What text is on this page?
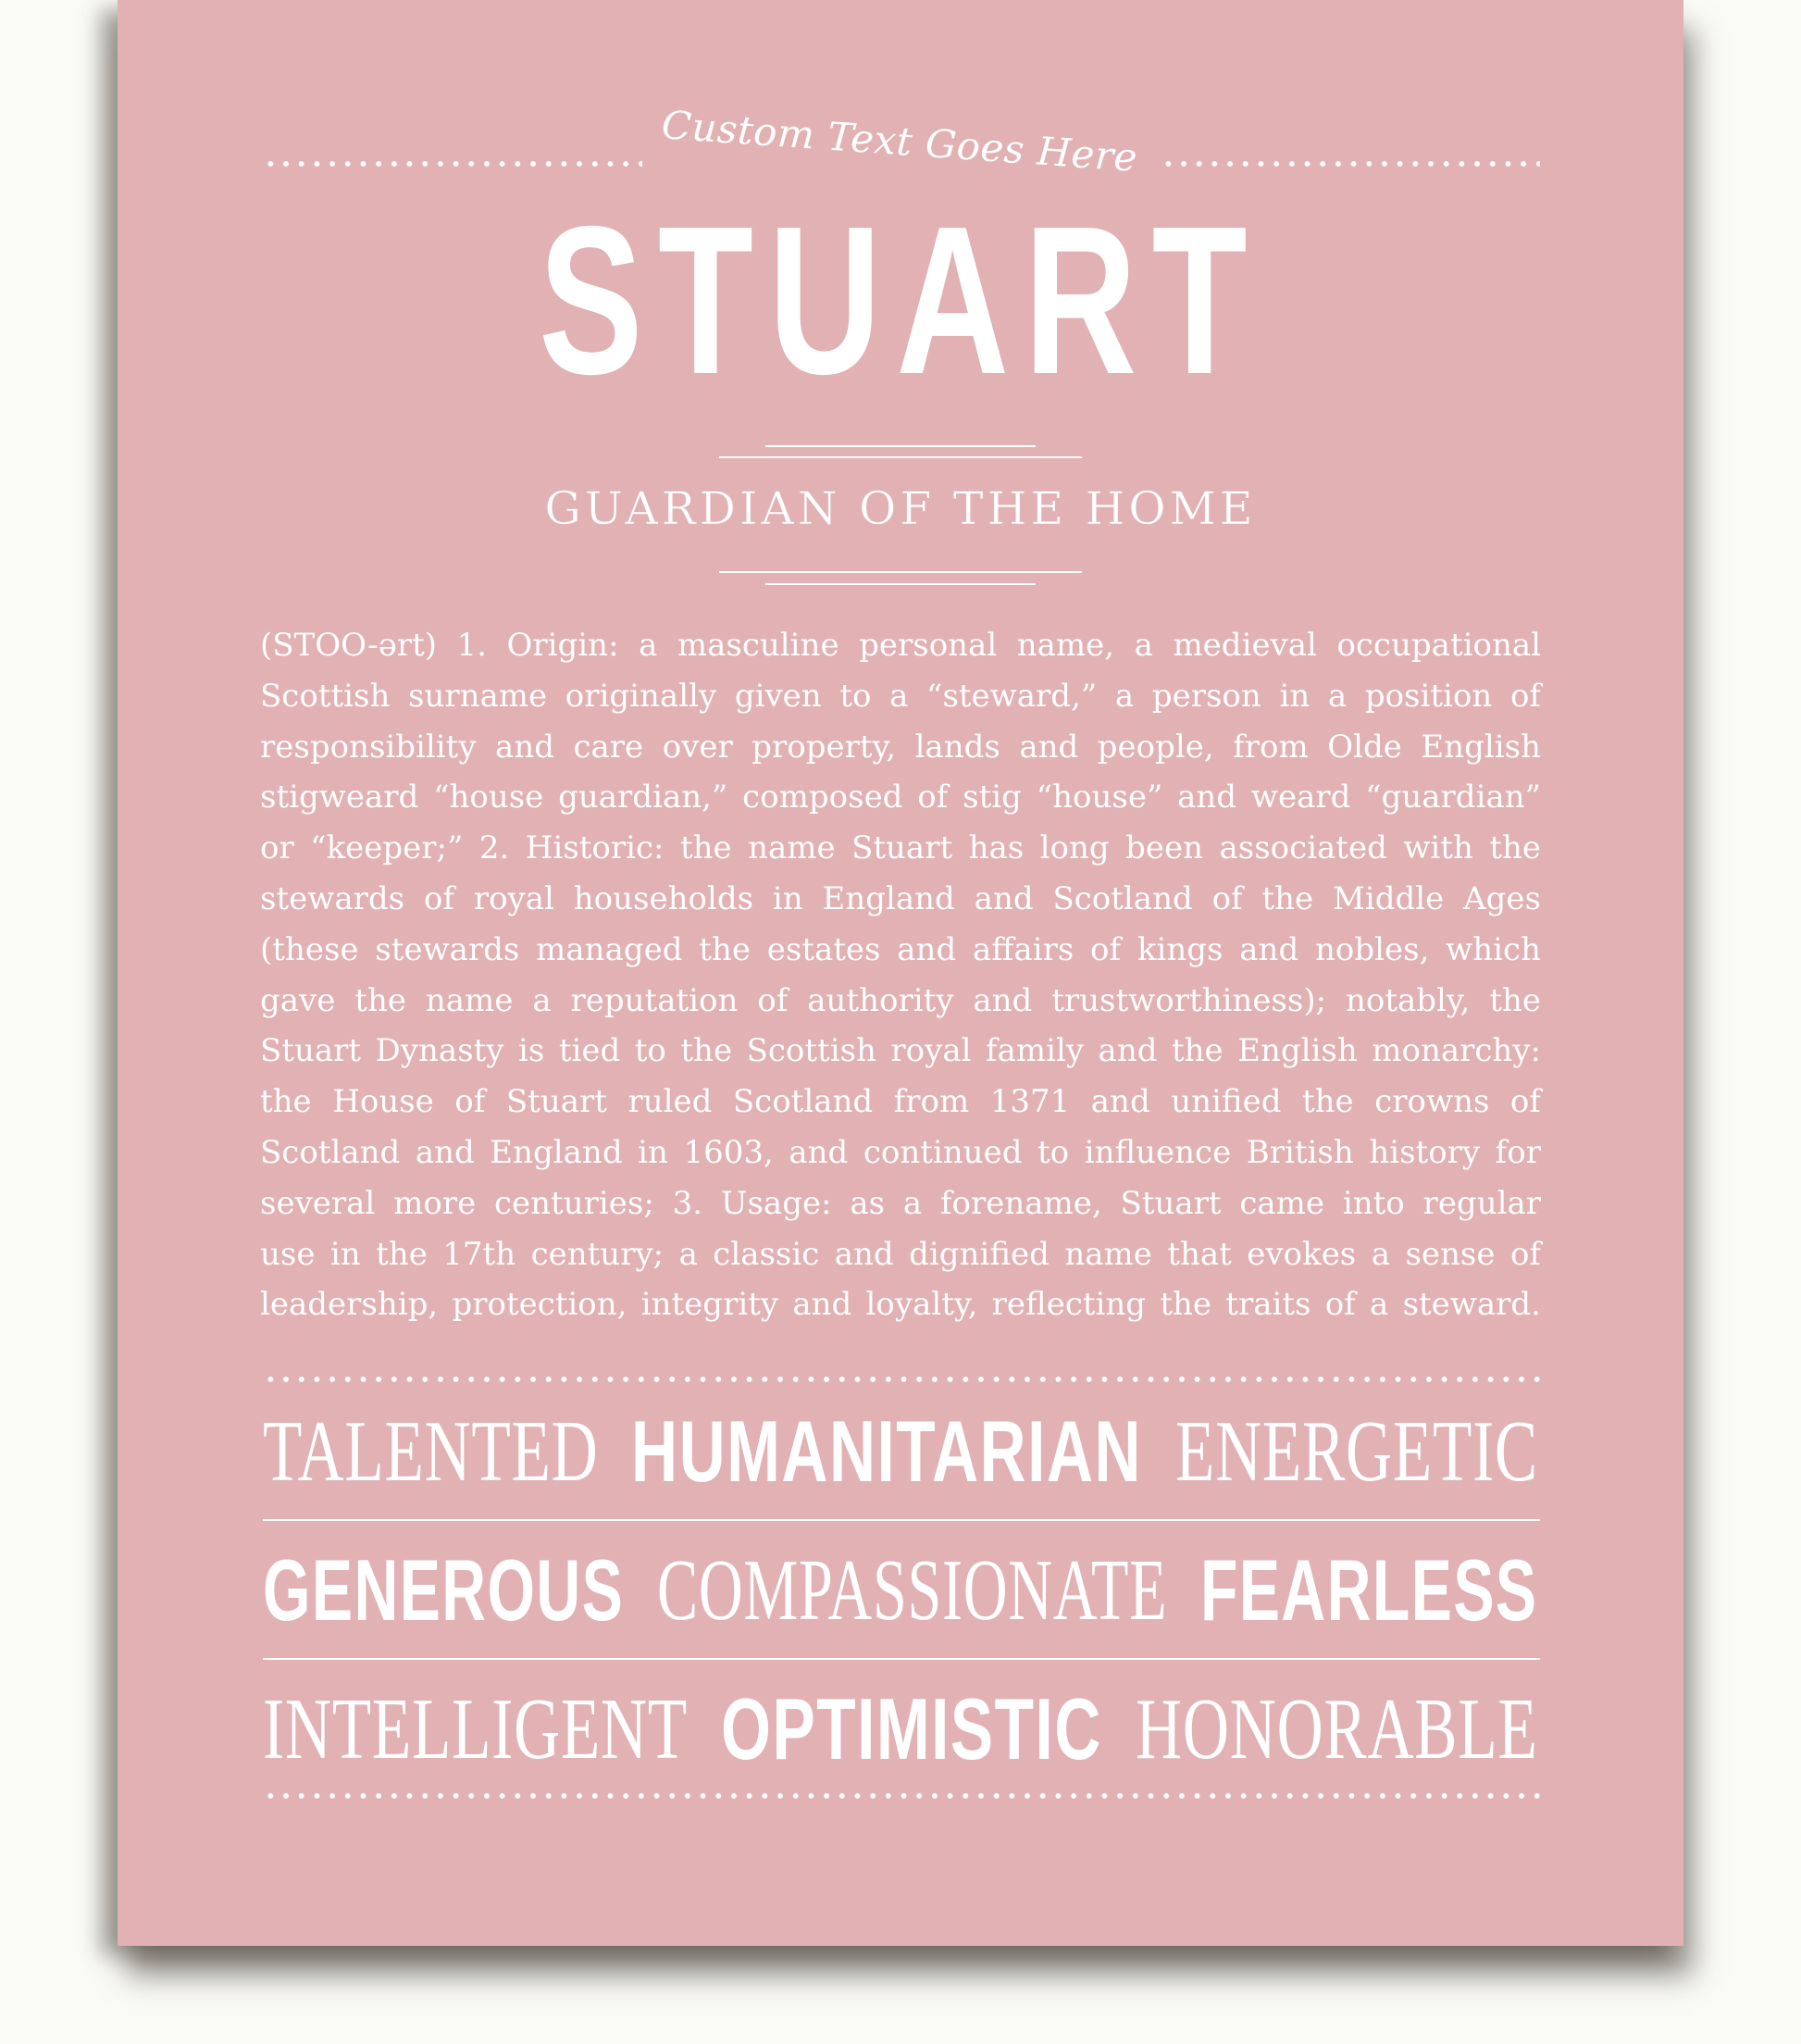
Custom Text Goes Here
STUART
GUARDIAN OF THE HOME
(STOO-ərt) 1. Origin: a masculine personal name, a medieval occupational
Scottish surname originally given to a “steward,” a person in a position of
responsibility and care over property, lands and people, from Olde English
stigweard “house guardian,” composed of stig “house” and weard “guardian”
or “keeper;” 2. Historic: the name Stuart has long been associated with the
stewards of royal households in England and Scotland of the Middle Ages
(these stewards managed the estates and affairs of kings and nobles, which
gave the name a reputation of authority and trustworthiness); notably, the
Stuart Dynasty is tied to the Scottish royal family and the English monarchy:
the House of Stuart ruled Scotland from 1371 and unified the crowns of
Scotland and England in 1603, and continued to influence British history for
several more centuries; 3. Usage: as a forename, Stuart came into regular
use in the 17th century; a classic and dignified name that evokes a sense of
leadership, protection, integrity and loyalty, reflecting the traits of a steward.
TALENTED HUMANITARIAN ENERGETIC
GENEROUS COMPASSIONATE FEARLESS
INTELLIGENT OPTIMISTIC HONORABLE
